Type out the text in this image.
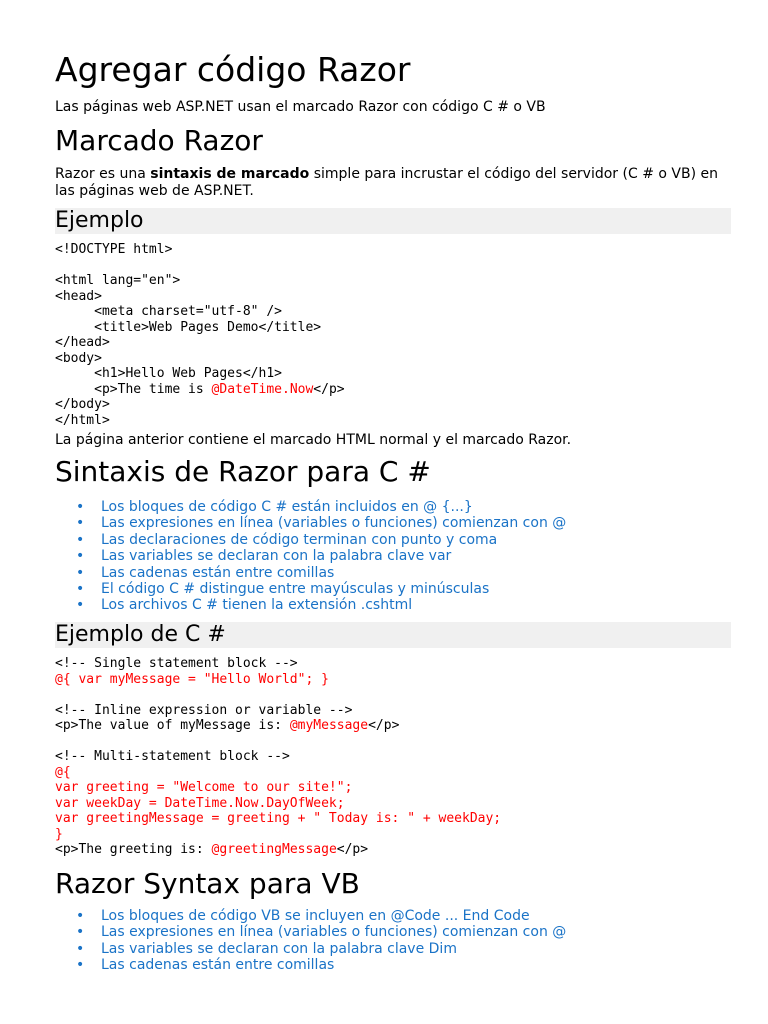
Agregar código Razor

Las páginas web ASP.NET usan el marcado Razor con código C # o VB

Marcado Razor

Razor es una sintaxis de marcado simple para incrustar el código del servidor (C # o VB) en las páginas web de ASP.NET.

Ejemplo
<!DOCTYPE html>

<html lang="en">
<head>
<meta charset="utf-8" />
<title>Web Pages Demo</title>
</head>
<body>
<h1>Hello Web Pages</h1>
<p>The time is @DateTime.Now</p>
</body>
</html>

La página anterior contiene el marcado HTML normal y el marcado Razor.

Sintaxis de Razor para C #
• Los bloques de código C # están incluidos en @ {...}
• Las expresiones en línea (variables o funciones) comienzan con @
• Las declaraciones de código terminan con punto y coma
• Las variables se declaran con la palabra clave var
• Las cadenas están entre comillas
• El código C # distingue entre mayúsculas y minúsculas
• Los archivos C # tienen la extensión .cshtml
Ejemplo de C #
<!-- Single statement block -->
@{ var myMessage = "Hello World"; }

<!-- Inline expression or variable -->
<p>The value of myMessage is: @myMessage</p>

<!-- Multi-statement block -->
@{
var greeting = "Welcome to our site!";
var weekDay = DateTime.Now.DayOfWeek;
var greetingMessage = greeting + " Today is: " + weekDay;
}
<p>The greeting is: @greetingMessage</p>
Razor Syntax para VB
• Los bloques de código VB se incluyen en @Code ... End Code
• Las expresiones en línea (variables o funciones) comienzan con @
• Las variables se declaran con la palabra clave Dim
• Las cadenas están entre comillas
